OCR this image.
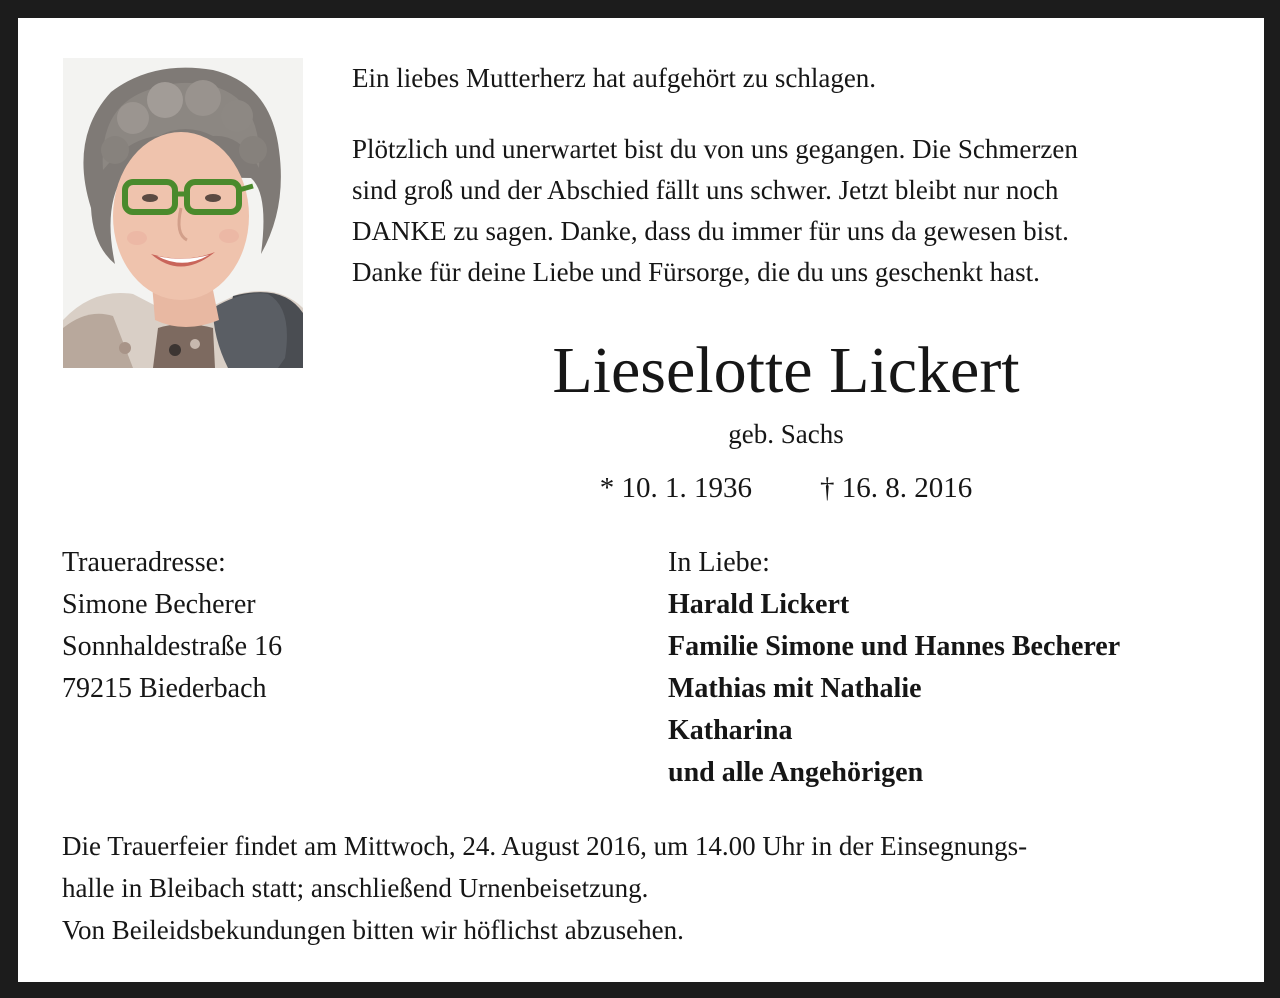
Ein liebes Mutterherz hat aufgehört zu schlagen.

Plötzlich und unerwartet bist du von uns gegangen. Die Schmerzen
sind groß und der Abschied fällt uns schwer. Jetzt bleibt nur noch
DANKE zu sagen. Danke, dass du immer für uns da gewesen bist.
Danke für deine Liebe und Fürsorge, die du uns geschenkt hast.
Lieselotte Lickert
geb. Sachs
* 10. 1. 1936 † 16. 8. 2016
Traueradresse:
Simone Becherer
Sonnhaldestraße 16
79215 Biederbach
In Liebe:
Harald Lickert
Familie Simone und Hannes Becherer
Mathias mit Nathalie
Katharina
und alle Angehörigen
Die Trauerfeier findet am Mittwoch, 24. August 2016, um 14.00 Uhr in der Einsegnungs-
halle in Bleibach statt; anschließend Urnenbeisetzung.
Von Beileidsbekundungen bitten wir höflichst abzusehen.
